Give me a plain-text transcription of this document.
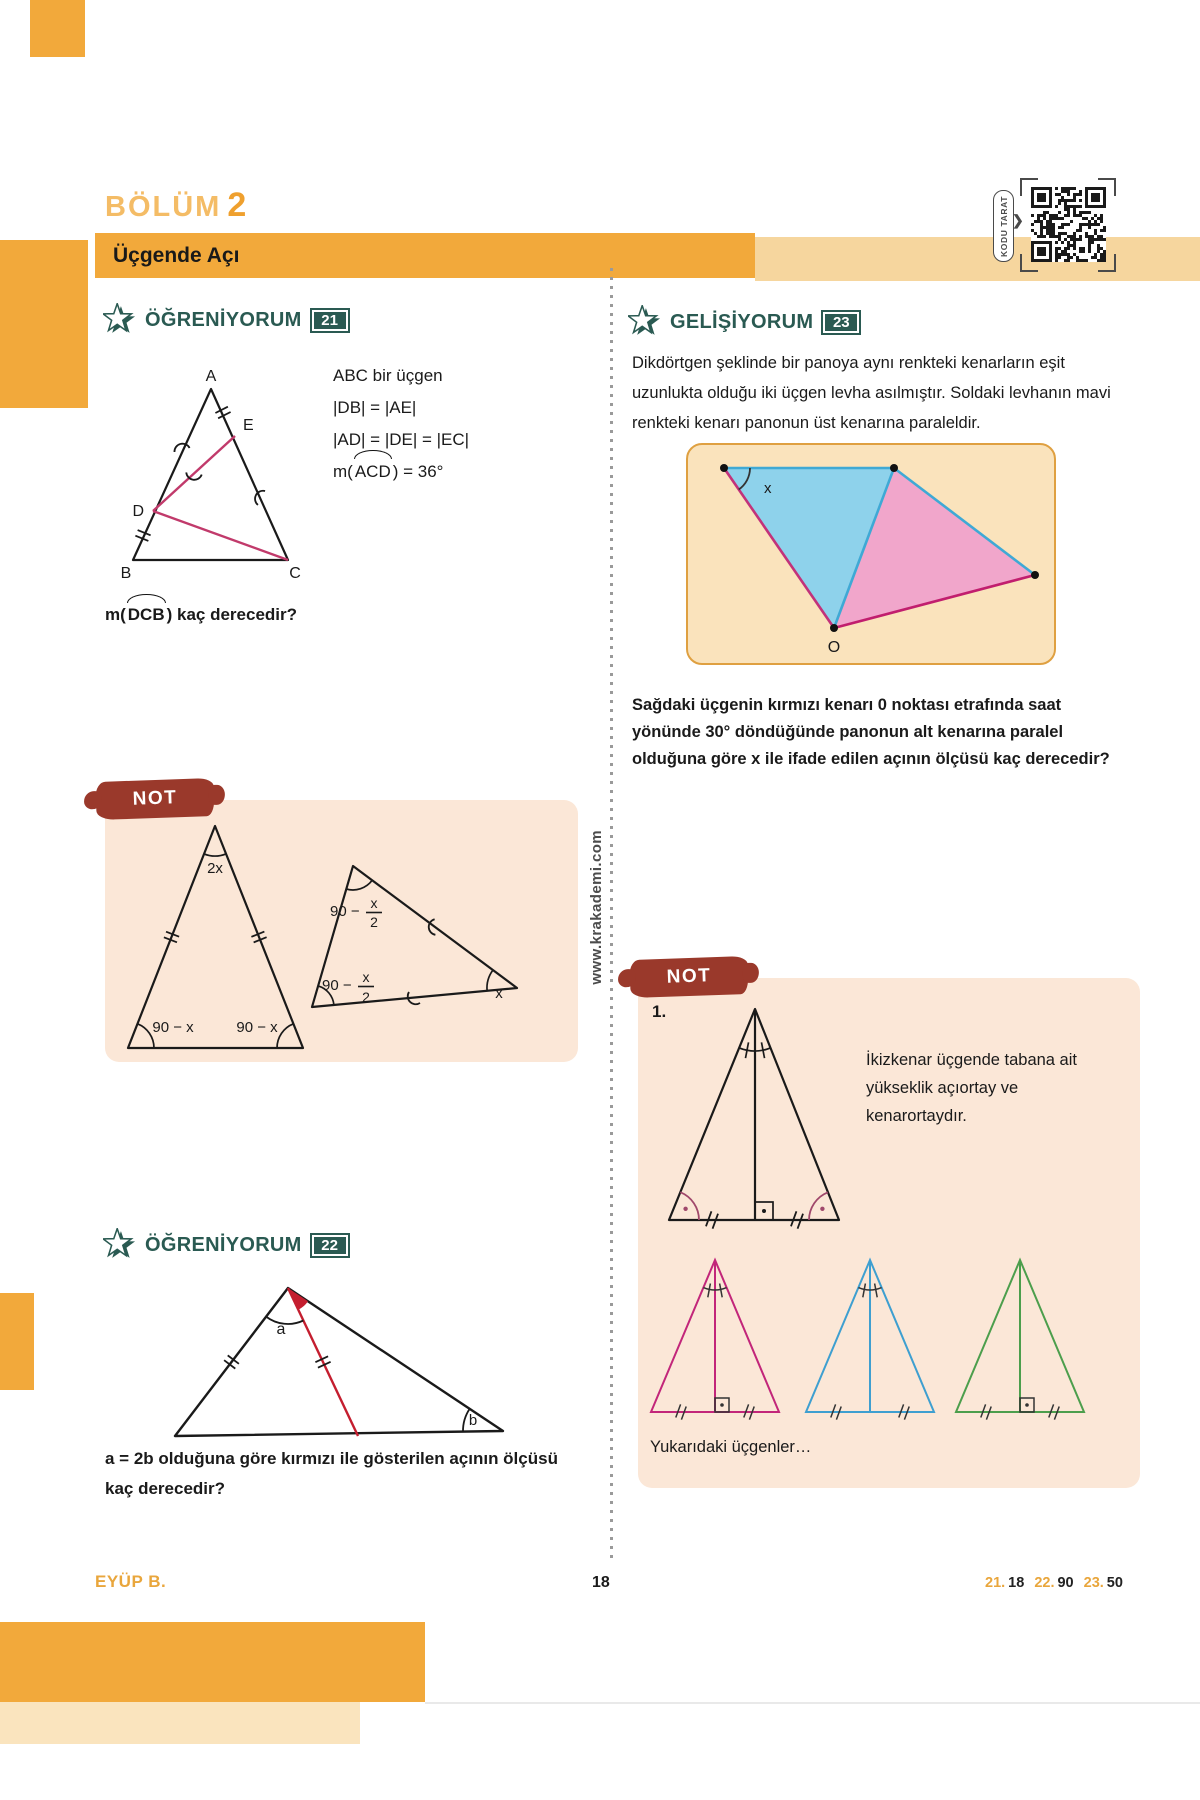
BÖLÜM 2
Üçgende Açı	KODU TARAT ❯
www.krakademi.com
ÖĞRENİYORUM	21
A
B	C
D
E
ABC bir üçgen
|DB| = |AE|
|AD| = |DE| = |EC|
m( ACD ) = 36°
m( DCB ) kaç derecedir?
NOT
2x
90 − x	90 − x
90 − x
2
90 − x
2	x
ÖĞRENİYORUM	22
a
b
a = 2b olduğuna göre kırmızı ile gösterilen açının ölçüsü kaç derecedir?
GELİŞİYORUM	23
Dikdörtgen şeklinde bir panoya aynı renkteki kenarların eşit uzunlukta olduğu iki üçgen levha asılmıştır. Soldaki levhanın mavi renkteki kenarı panonun üst kenarına paraleldir.
x
O
Sağdaki üçgenin kırmızı kenarı 0 noktası etrafında saat yönünde 30° döndüğünde panonun alt kenarına paralel olduğuna göre x ile ifade edilen açının ölçüsü kaç derecedir?
NOT
1.
İkizkenar üçgende tabana ait yükseklik açıortay ve kenarortaydır.
Yukarıdaki üçgenler…
EYÜP B.	18	21. 18 22. 90 23. 50
